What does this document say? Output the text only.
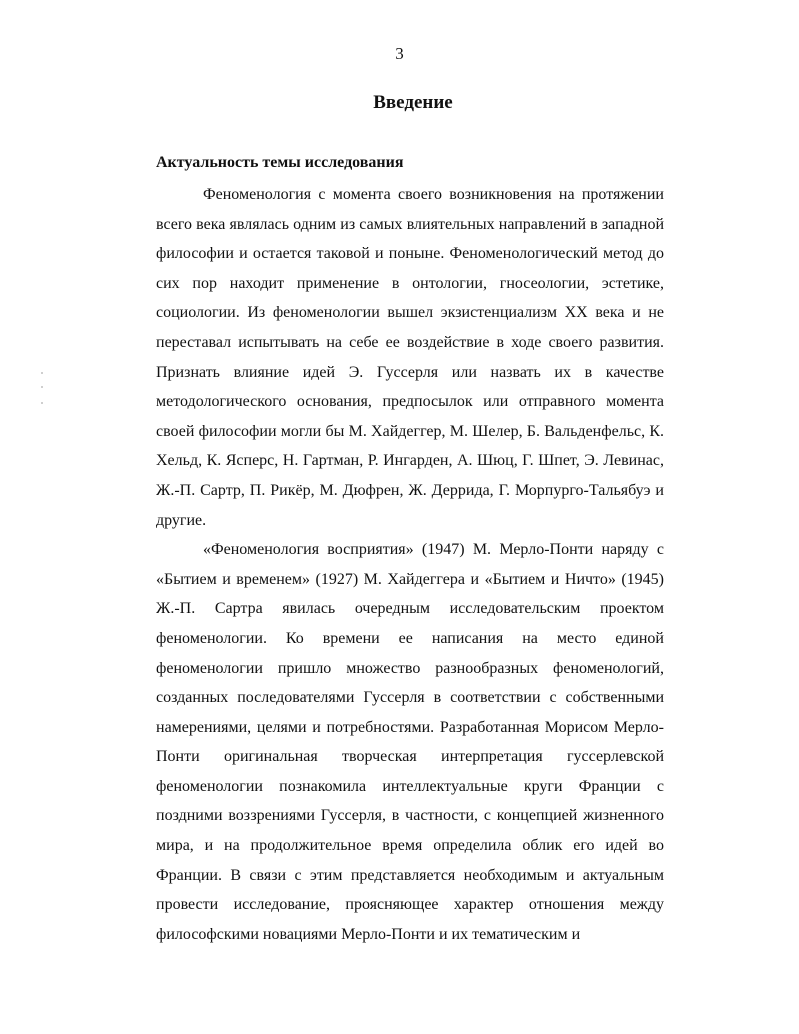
3
Введение
Актуальность темы исследования

Феноменология с момента своего возникновения на протяжении всего века являлась одним из самых влиятельных направлений в западной философии и остается таковой и поныне. Феноменологический метод до сих пор находит применение в онтологии, гносеологии, эстетике, социологии. Из феноменологии вышел экзистенциализм XX века и не переставал испытывать на себе ее воздействие в ходе своего развития. Признать влияние идей Э. Гуссерля или назвать их в качестве методологического основания, предпосылок или отправного момента своей философии могли бы М. Хайдеггер, М. Шелер, Б. Вальденфельс, К. Хельд, К. Ясперс, Н. Гартман, Р. Ингарден, А. Шюц, Г. Шпет, Э. Левинас, Ж.-П. Сартр, П. Рикёр, М. Дюфрен, Ж. Деррида, Г. Морпурго-Тальябуэ и другие.

«Феноменология восприятия» (1947) М. Мерло-Понти наряду с «Бытием и временем» (1927) М. Хайдеггера и «Бытием и Ничто» (1945) Ж.-П. Сартра явилась очередным исследовательским проектом феноменологии. Ко времени ее написания на место единой феноменологии пришло множество разнообразных феноменологий, созданных последователями Гуссерля в соответствии с собственными намерениями, целями и потребностями. Разработанная Морисом Мерло-Понти оригинальная творческая интерпретация гуссерлевской феноменологии познакомила интеллектуальные круги Франции с поздними воззрениями Гуссерля, в частности, с концепцией жизненного мира, и на продолжительное время определила облик его идей во Франции. В связи с этим представляется необходимым и актуальным провести исследование, проясняющее характер отношения между философскими новациями Мерло-Понти и их тематическим и
